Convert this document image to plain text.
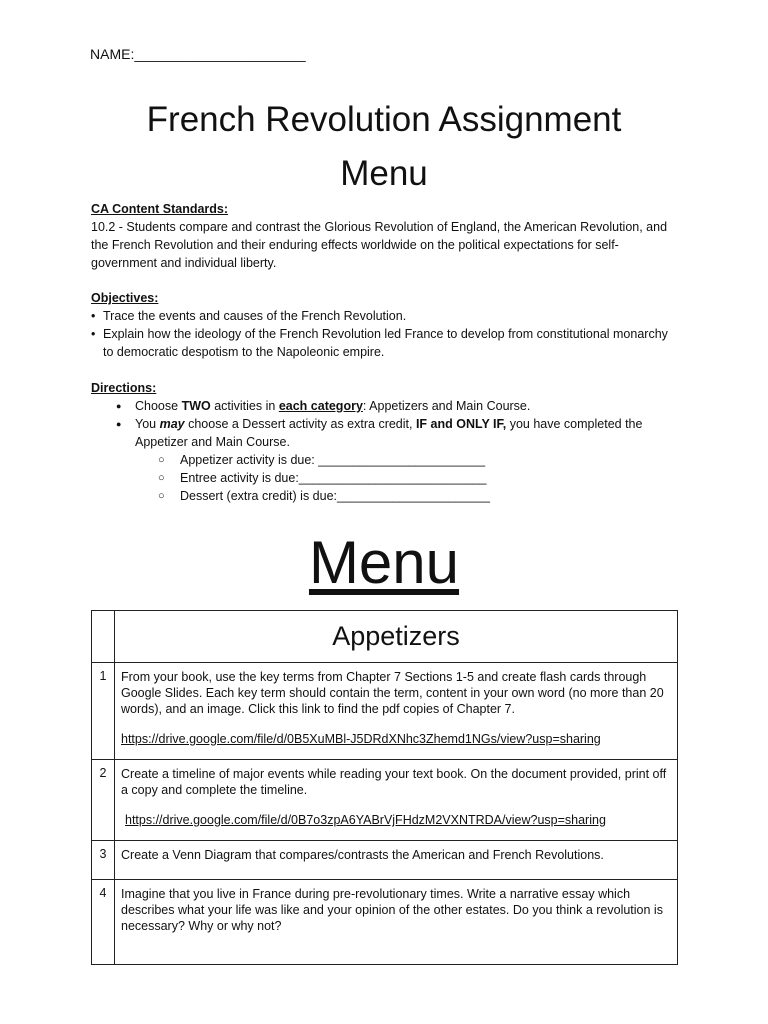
NAME:______________________
French Revolution Assignment
Menu
CA Content Standards:
10.2 - Students compare and contrast the Glorious Revolution of England, the American Revolution, and the French Revolution and their enduring effects worldwide on the political expectations for self-government and individual liberty.
Objectives:
• Trace the events and causes of the French Revolution.
• Explain how the ideology of the French Revolution led France to develop from constitutional monarchy to democratic despotism to the Napoleonic empire.
Directions:
● Choose TWO activities in each category: Appetizers and Main Course.
● You may choose a Dessert activity as extra credit, IF and ONLY IF, you have completed the Appetizer and Main Course.
○ Appetizer activity is due: ________________________
○ Entree activity is due:___________________________
○ Dessert (extra credit) is due:______________________
Menu
	Appetizers
1	From your book, use the key terms from Chapter 7 Sections 1-5 and create flash cards through Google Slides. Each key term should contain the term, content in your own word (no more than 20 words), and an image. Click this link to find the pdf copies of Chapter 7.
https://drive.google.com/file/d/0B5XuMBl-J5DRdXNhc3Zhemd1NGs/view?usp=sharing

2	Create a timeline of major events while reading your text book. On the document provided, print off a copy and complete the timeline.
https://drive.google.com/file/d/0B7o3zpA6YABrVjFHdzM2VXNTRDA/view?usp=sharing

3	Create a Venn Diagram that compares/contrasts the American and French Revolutions.
4	Imagine that you live in France during pre-revolutionary times. Write a narrative essay which describes what your life was like and your opinion of the other estates. Do you think a revolution is necessary? Why or why not?
